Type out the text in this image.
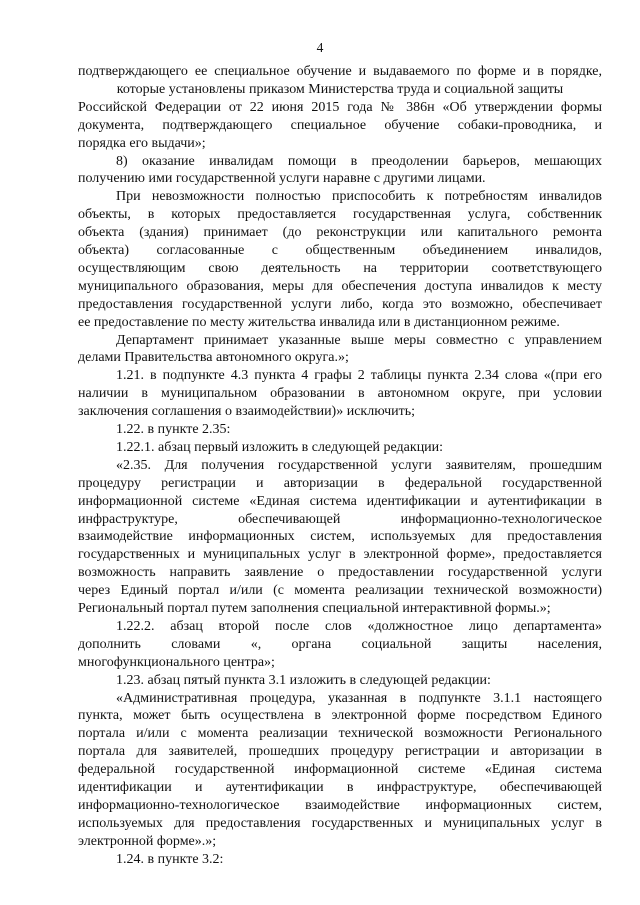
4
подтверждающего ее специальное обучение и выдаваемого по форме и в порядке,
которые установлены приказом Министерства труда и социальной защиты
Российской Федерации от 22 июня 2015 года № 386н «Об утверждении формы
документа, подтверждающего специальное обучение собаки-проводника, и
порядка его выдачи»;
8) оказание инвалидам помощи в преодолении барьеров, мешающих
получению ими государственной услуги наравне с другими лицами.
При невозможности полностью приспособить к потребностям инвалидов
объекты, в которых предоставляется государственная услуга, собственник
объекта (здания) принимает (до реконструкции или капитального ремонта
объекта) согласованные с общественным объединением инвалидов,
осуществляющим свою деятельность на территории соответствующего
муниципального образования, меры для обеспечения доступа инвалидов к месту
предоставления государственной услуги либо, когда это возможно, обеспечивает
ее предоставление по месту жительства инвалида или в дистанционном режиме.
Департамент принимает указанные выше меры совместно с управлением
делами Правительства автономного округа.»;
1.21. в подпункте 4.3 пункта 4 графы 2 таблицы пункта 2.34 слова «(при его
наличии в муниципальном образовании в автономном округе, при условии
заключения соглашения о взаимодействии)» исключить;
1.22. в пункте 2.35:
1.22.1. абзац первый изложить в следующей редакции:
«2.35. Для получения государственной услуги заявителям, прошедшим
процедуру регистрации и авторизации в федеральной государственной
информационной системе «Единая система идентификации и аутентификации в
инфраструктуре, обеспечивающей информационно-технологическое
взаимодействие информационных систем, используемых для предоставления
государственных и муниципальных услуг в электронной форме», предоставляется
возможность направить заявление о предоставлении государственной услуги
через Единый портал и/или (с момента реализации технической возможности)
Региональный портал путем заполнения специальной интерактивной формы.»;
1.22.2. абзац второй после слов «должностное лицо департамента»
дополнить словами «, органа социальной защиты населения,
многофункционального центра»;
1.23. абзац пятый пункта 3.1 изложить в следующей редакции:
«Административная процедура, указанная в подпункте 3.1.1 настоящего
пункта, может быть осуществлена в электронной форме посредством Единого
портала и/или с момента реализации технической возможности Регионального
портала для заявителей, прошедших процедуру регистрации и авторизации в
федеральной государственной информационной системе «Единая система
идентификации и аутентификации в инфраструктуре, обеспечивающей
информационно-технологическое взаимодействие информационных систем,
используемых для предоставления государственных и муниципальных услуг в
электронной форме».»;
1.24. в пункте 3.2:
